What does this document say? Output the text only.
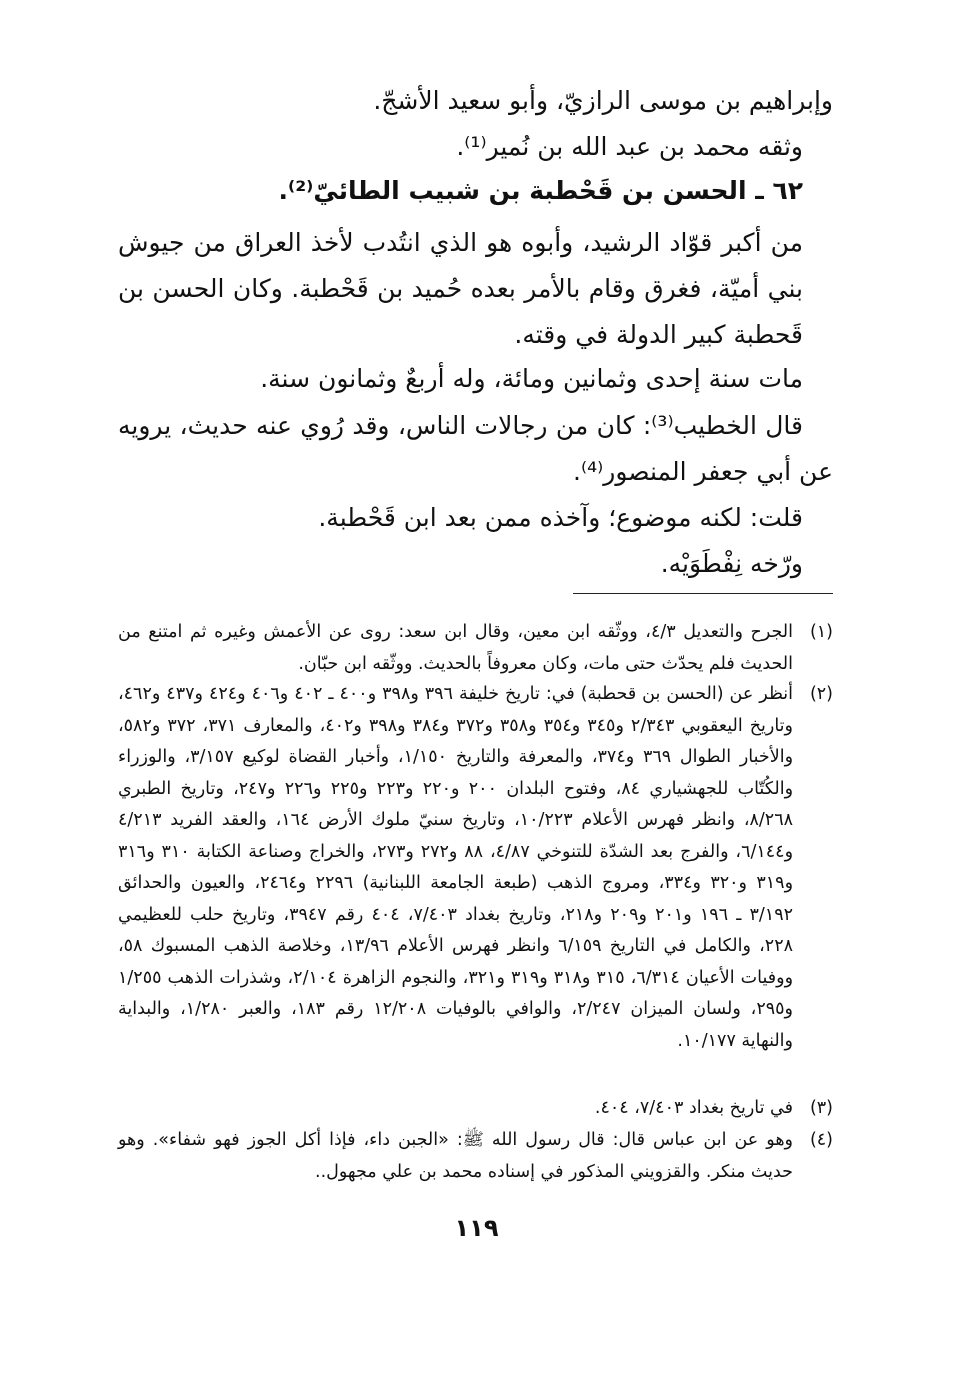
وإبراهيم بن موسى الرازيّ، وأبو سعيد الأشجّ.
وثقه محمد بن عبد الله بن نُمير⁽¹⁾.
٦٢ ـ الحسن بن قَحْطبة بن شبيب الطائيّ⁽²⁾.
من أكبر قوّاد الرشيد، وأبوه هو الذي انتُدب لأخذ العراق من جيوش بني أميّة، فغرق وقام بالأمر بعده حُميد بن قَحْطبة. وكان الحسن بن قَحطبة كبير الدولة في وقته.
مات سنة إحدى وثمانين ومائة، وله أربعٌ وثمانون سنة.
قال الخطيب⁽³⁾: كان من رجالات الناس، وقد رُوي عنه حديث، يرويه عن أبي جعفر المنصور⁽⁴⁾.
قلت: لكنه موضوع؛ وآخذه ممن بعد ابن قَحْطبة.
ورّخه نِفْطَوَيْه.
(١)
الجرح والتعديل ٤/٣، ووثّقه ابن معين، وقال ابن سعد: روى عن الأعمش وغيره ثم امتنع من الحديث فلم يحدّث حتى مات، وكان معروفاً بالحديث. ووثّقه ابن حبّان.
(٢)
أنظر عن (الحسن بن قحطبة) في: تاريخ خليفة ٣٩٦ و٣٩٨ و٤٠٠ ـ ٤٠٢ و٤٠٦ و٤٢٤ و٤٣٧ و٤٦٢، وتاريخ اليعقوبي ٢/٣٤٣ و٣٤٥ و٣٥٤ و٣٥٨ و٣٧٢ و٣٨٤ و٣٩٨ و٤٠٢، والمعارف ٣٧١، ٣٧٢ و٥٨٢، والأخبار الطوال ٣٦٩ و٣٧٤، والمعرفة والتاريخ ١/١٥٠، وأخبار القضاة لوكيع ٣/١٥٧، والوزراء والكُتّاب للجهشياري ٨٤، وفتوح البلدان ٢٠٠ و٢٢٠ و٢٢٣ و٢٢٥ و٢٢٦ و٢٤٧، وتاريخ الطبري ٨/٢٦٨، وانظر فهرس الأعلام ١٠/٢٢٣، وتاريخ سنيّ ملوك الأرض ١٦٤، والعقد الفريد ٤/٢١٣ و٦/١٤٤، والفرج بعد الشدّة للتنوخي ٤/٨٧، ٨٨ و٢٧٢ و٢٧٣، والخراج وصناعة الكتابة ٣١٠ و٣١٦ و٣١٩ و٣٢٠ و٣٣٤، ومروج الذهب (طبعة الجامعة اللبنانية) ٢٢٩٦ و٢٤٦٤، والعيون والحدائق ٣/١٩٢ ـ ١٩٦ و٢٠١ و٢٠٩ و٢١٨، وتاريخ بغداد ٧/٤٠٣، ٤٠٤ رقم ٣٩٤٧، وتاريخ حلب للعظيمي ٢٢٨، والكامل في التاريخ ٦/١٥٩ وانظر فهرس الأعلام ١٣/٩٦، وخلاصة الذهب المسبوك ٥٨، ووفيات الأعيان ٦/٣١٤، ٣١٥ و٣١٨ و٣١٩ و٣٢١، والنجوم الزاهرة ٢/١٠٤، وشذرات الذهب ١/٢٥٥ و٢٩٥، ولسان الميزان ٢/٢٤٧، والوافي بالوفيات ١٢/٢٠٨ رقم ١٨٣، والعبر ١/٢٨٠، والبداية والنهاية ١٠/١٧٧.
(٣)
في تاريخ بغداد ٧/٤٠٣، ٤٠٤.
(٤)
وهو عن ابن عباس قال: قال رسول الله ﷺ: «الجبن داء، فإذا أكل الجوز فهو شفاء». وهو حديث منكر. والقزويني المذكور في إسناده محمد بن علي مجهول..
١١٩
